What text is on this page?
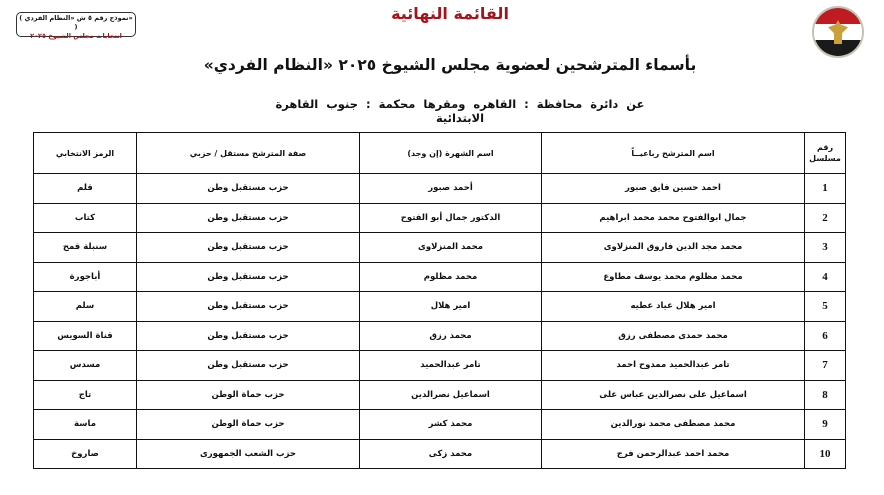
( نموذج رقم ٥ ش «النظام الفردي» )
انتخابات مجلس الشيوخ ٢٠٢٥
القائمة النهائية
بأسماء المترشحين لعضوية مجلس الشيوخ ٢٠٢٥ «النظام الفردي»
عن دائرة محافظة : القاهره ومقرها محكمة : جنوب القاهرة الابتدائية
رقم مسلسل	اسم المترشح رباعيــاً	اسم الشهرة (إن وجد)	صفة المترشح مستقل / حزبي	الرمز الانتخابي
1	احمد حسين فايق صبور	أحمد صبور	حزب مستقبل وطن	قلم
2	جمال ابوالفتوح محمد محمد ابراهيم	الدكتور جمال أبو الفتوح	حزب مستقبل وطن	كتاب
3	محمد مجد الدين فاروق المنزلاوى	محمد المنزلاوى	حزب مستقبل وطن	سنبلة قمح
4	محمد مظلوم محمد يوسف مطاوع	محمد مظلوم	حزب مستقبل وطن	أباجورة
5	امير هلال عياد عطيه	امير هلال	حزب مستقبل وطن	سلم
6	محمد حمدى مصطفى رزق	محمد رزق	حزب مستقبل وطن	قناة السويس
7	تامر عبدالحميد ممدوح احمد	تامر عبدالحميد	حزب مستقبل وطن	مسدس
8	اسماعيل على نصرالدين عباس على	اسماعيل نصرالدين	حزب حماة الوطن	تاج
9	محمد مصطفى محمد نورالدين	محمد كشر	حزب حماة الوطن	ماسة
10	محمد احمد عبدالرحمن فرج	محمد زكى	حزب الشعب الجمهورى	صاروخ
